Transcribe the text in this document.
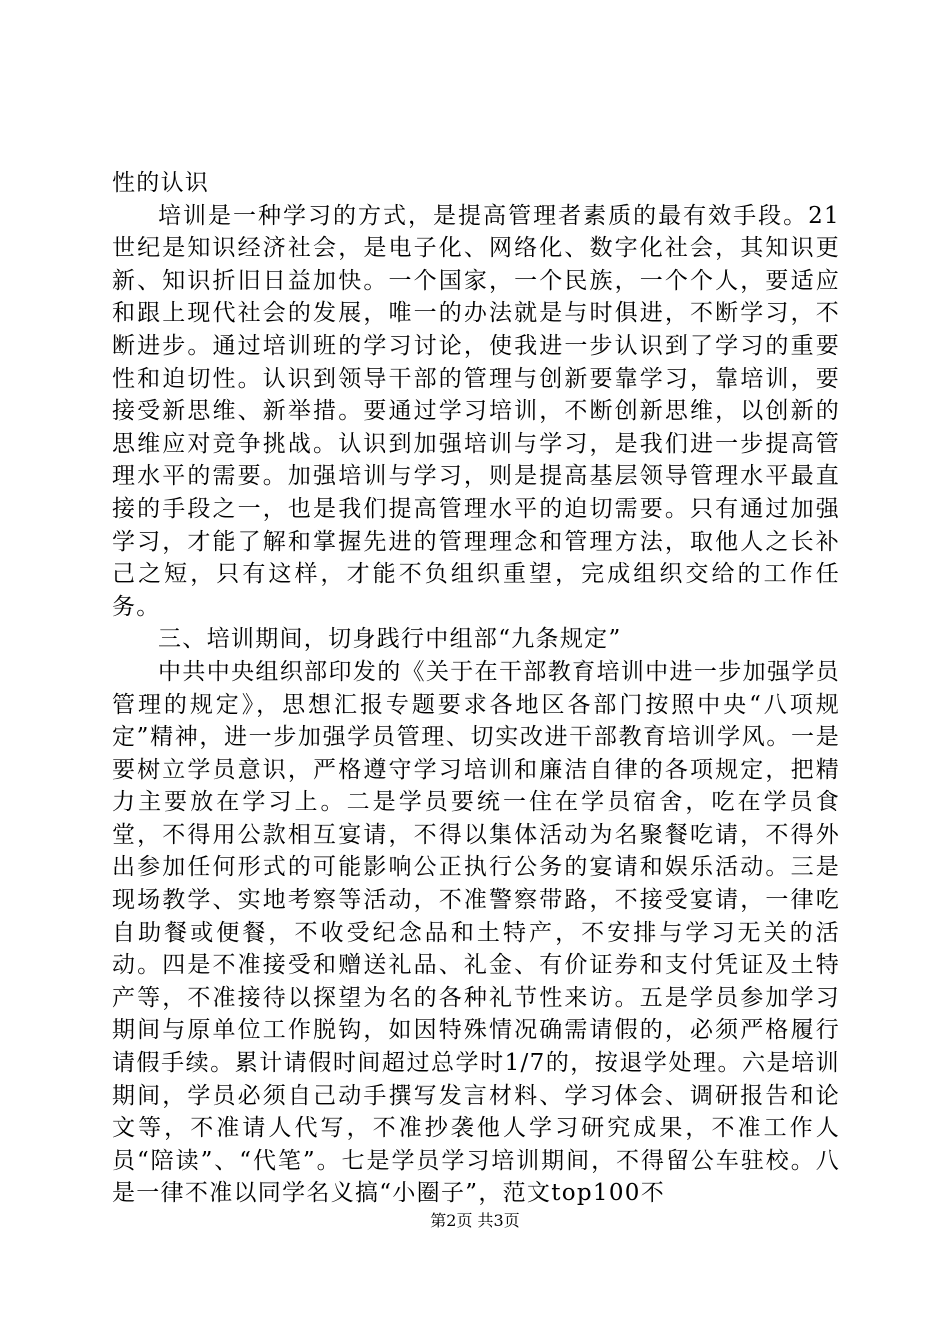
性的认识

培训是一种学习的方式，是提高管理者素质的最有效手段。21世纪是知识经济社会，是电子化、网络化、数字化社会，其知识更新、知识折旧日益加快。一个国家，一个民族，一个个人，要适应和跟上现代社会的发展，唯一的办法就是与时俱进，不断学习，不断进步。通过培训班的学习讨论，使我进一步认识到了学习的重要性和迫切性。认识到领导干部的管理与创新要靠学习，靠培训，要接受新思维、新举措。要通过学习培训，不断创新思维，以创新的思维应对竞争挑战。认识到加强培训与学习，是我们进一步提高管理水平的需要。加强培训与学习，则是提高基层领导管理水平最直接的手段之一，也是我们提高管理水平的迫切需要。只有通过加强学习，才能了解和掌握先进的管理理念和管理方法，取他人之长补己之短，只有这样，才能不负组织重望，完成组织交给的工作任务。

三、培训期间，切身践行中组部“九条规定”

中共中央组织部印发的《关于在干部教育培训中进一步加强学员管理的规定》，思想汇报专题要求各地区各部门按照中央“八项规定”精神，进一步加强学员管理、切实改进干部教育培训学风。一是要树立学员意识，严格遵守学习培训和廉洁自律的各项规定，把精力主要放在学习上。二是学员要统一住在学员宿舍，吃在学员食堂，不得用公款相互宴请，不得以集体活动为名聚餐吃请，不得外出参加任何形式的可能影响公正执行公务的宴请和娱乐活动。三是现场教学、实地考察等活动，不准警察带路，不接受宴请，一律吃自助餐或便餐，不收受纪念品和土特产，不安排与学习无关的活动。四是不准接受和赠送礼品、礼金、有价证券和支付凭证及土特产等，不准接待以探望为名的各种礼节性来访。五是学员参加学习期间与原单位工作脱钩，如因特殊情况确需请假的，必须严格履行请假手续。累计请假时间超过总学时1/7的，按退学处理。六是培训期间，学员必须自己动手撰写发言材料、学习体会、调研报告和论文等，不准请人代写，不准抄袭他人学习研究成果，不准工作人员“陪读”、“代笔”。七是学员学习培训期间，不得留公车驻校。八是一律不准以同学名义搞“小圈子”，范文top100不

第2页 共3页
